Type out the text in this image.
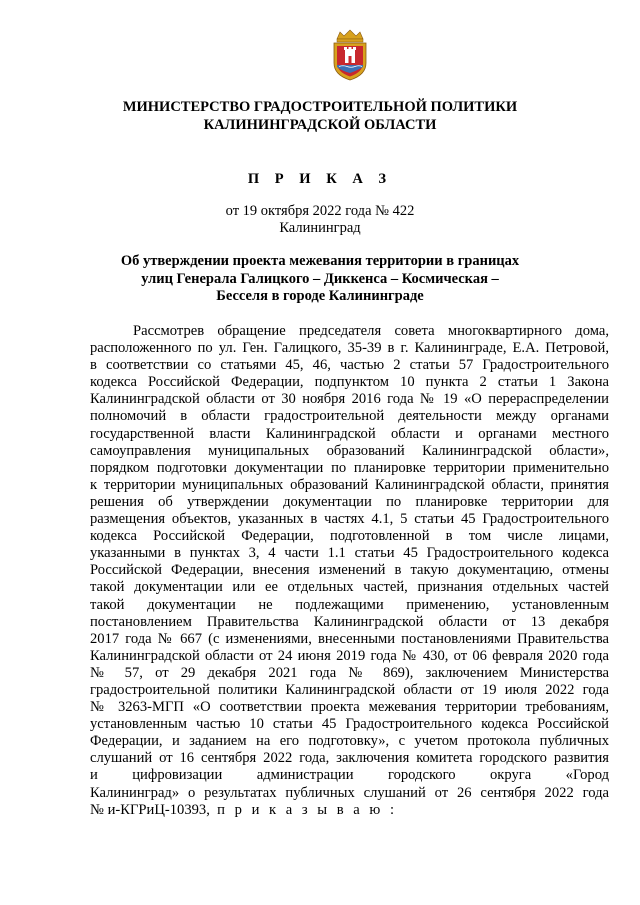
МИНИСТЕРСТВО ГРАДОСТРОИТЕЛЬНОЙ ПОЛИТИКИ
КАЛИНИНГРАДСКОЙ ОБЛАСТИ
П Р И К А З
от 19 октября 2022 года № 422
Калининград
Об утверждении проекта межевания территории в границах
улиц Генерала Галицкого – Диккенса – Космическая –
Бесселя в городе Калининграде
Рассмотрев обращение председателя совета многоквартирного дома,
расположенного по ул. Ген. Галицкого, 35-39 в г. Калининграде, Е.А. Петровой,
в соответствии со статьями 45, 46, частью 2 статьи 57 Градостроительного
кодекса Российской Федерации, подпунктом 10 пункта 2 статьи 1 Закона
Калининградской области от 30 ноября 2016 года № 19 «О перераспределении
полномочий в области градостроительной деятельности между органами
государственной власти Калининградской области и органами местного
самоуправления муниципальных образований Калининградской области»,
порядком подготовки документации по планировке территории применительно
к территории муниципальных образований Калининградской области, принятия
решения об утверждении документации по планировке территории для
размещения объектов, указанных в частях 4.1, 5 статьи 45 Градостроительного
кодекса Российской Федерации, подготовленной в том числе лицами,
указанными в пунктах 3, 4 части 1.1 статьи 45 Градостроительного кодекса
Российской Федерации, внесения изменений в такую документацию, отмены
такой документации или ее отдельных частей, признания отдельных частей
такой документации не подлежащими применению, установленным
постановлением Правительства Калининградской области от 13 декабря
2017 года № 667 (с изменениями, внесенными постановлениями Правительства
Калининградской области от 24 июня 2019 года № 430, от 06 февраля 2020 года
№ 57, от 29 декабря 2021 года № 869), заключением Министерства
градостроительной политики Калининградской области от 19 июля 2022 года
№ 3263-МГП «О соответствии проекта межевания территории требованиям,
установленным частью 10 статьи 45 Градостроительного кодекса Российской
Федерации, и заданием на его подготовку», с учетом протокола публичных
слушаний от 16 сентября 2022 года, заключения комитета городского развития
и цифровизации администрации городского округа «Город
Калининград» о результатах публичных слушаний от 26 сентября 2022 года
№ и-КГРиЦ-10393, п р и к а з ы в а ю :
